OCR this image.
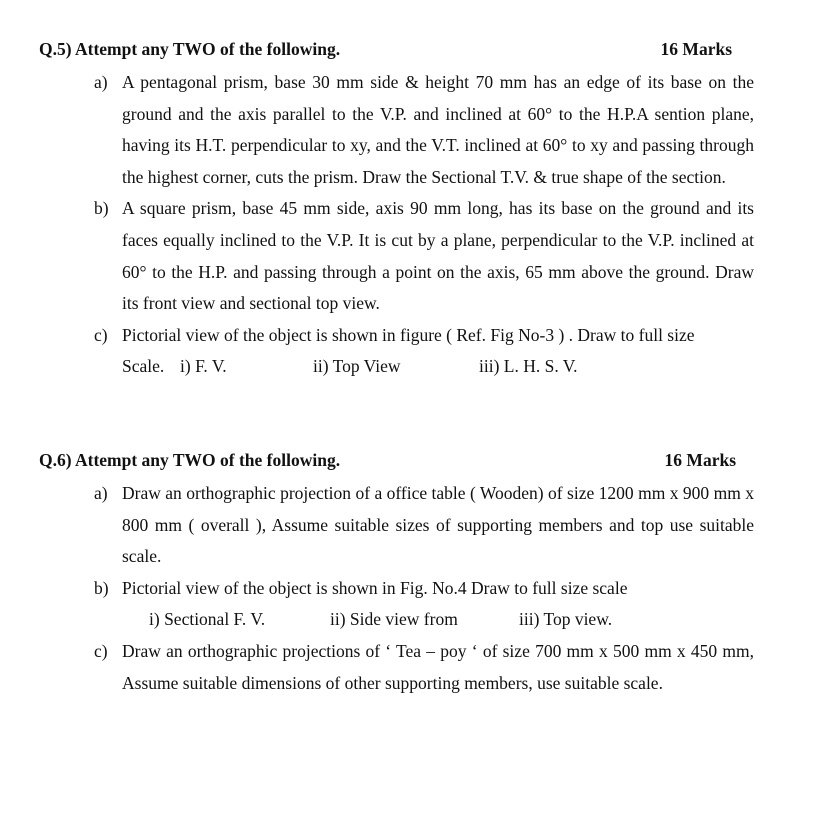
Q.5) Attempt any TWO of the following.	16 Marks
a) A pentagonal prism, base 30 mm side & height 70 mm has an edge of its base on the ground and the axis parallel to the V.P. and inclined at 60° to the H.P.A sention plane, having its H.T. perpendicular to xy, and the V.T. inclined at 60° to xy and passing through the highest corner, cuts the prism. Draw the Sectional T.V. & true shape of the section.
b) A square prism, base 45 mm side, axis 90 mm long, has its base on the ground and its faces equally inclined to the V.P. It is cut by a plane, perpendicular to the V.P. inclined at 60° to the H.P. and passing through a point on the axis, 65 mm above the ground. Draw its front view and sectional top view.
c) Pictorial view of the object is shown in figure ( Ref. Fig No-3 ) . Draw to full size
Scale. i) F. V.	ii) Top View	iii) L. H. S. V.
Q.6) Attempt any TWO of the following.	16 Marks
a) Draw an orthographic projection of a office table ( Wooden) of size 1200 mm x 900 mm x 800 mm ( overall ), Assume suitable sizes of supporting members and top use suitable scale.
b) Pictorial view of the object is shown in Fig. No.4 Draw to full size scale
i) Sectional F. V.	ii) Side view from	iii) Top view.
c) Draw an orthographic projections of ‘ Tea – poy ‘ of size 700 mm x 500 mm x 450 mm, Assume suitable dimensions of other supporting members, use suitable scale.
